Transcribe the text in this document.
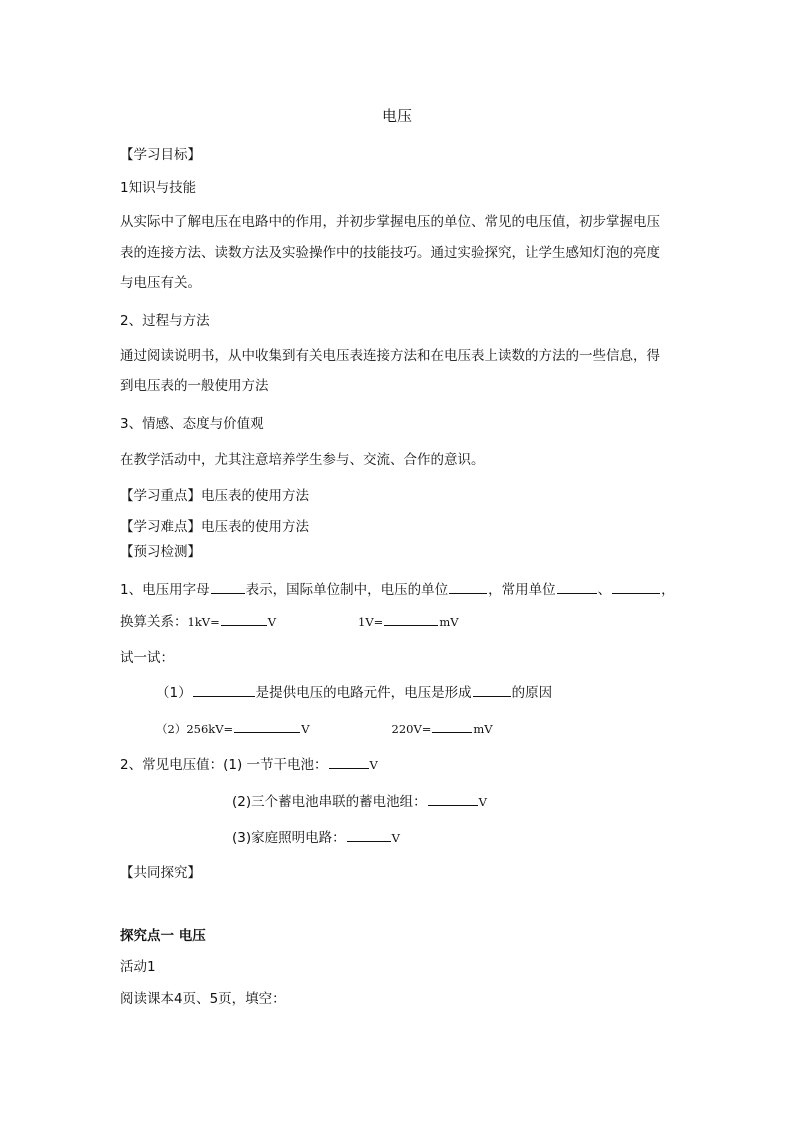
电压
【学习目标】
1知识与技能
从实际中了解电压在电路中的作用，并初步掌握电压的单位、常见的电压值，初步掌握电压
表的连接方法、读数方法及实验操作中的技能技巧。通过实验探究，让学生感知灯泡的亮度
与电压有关。
2、过程与方法
通过阅读说明书，从中收集到有关电压表连接方法和在电压表上读数的方法的一些信息，得
到电压表的一般使用方法
3、情感、态度与价值观
在教学活动中，尤其注意培养学生参与、交流、合作的意识。
【学习重点】电压表的使用方法
【学习难点】电压表的使用方法
【预习检测】
1、电压用字母	表示，国际单位制中，电压的单位	，常用单位	、	，
换算关系：1kV=	V	1V=	mV
试一试：
（1）	是提供电压的电路元件，电压是形成	的原因
（2）256kV=	V	220V=	mV
2、常见电压值：(1) 一节干电池：	V
(2)三个蓄电池串联的蓄电池组：	V
(3)家庭照明电路：	V
【共同探究】
探究点一 电压
活动1
阅读课本4页、5页，填空：
